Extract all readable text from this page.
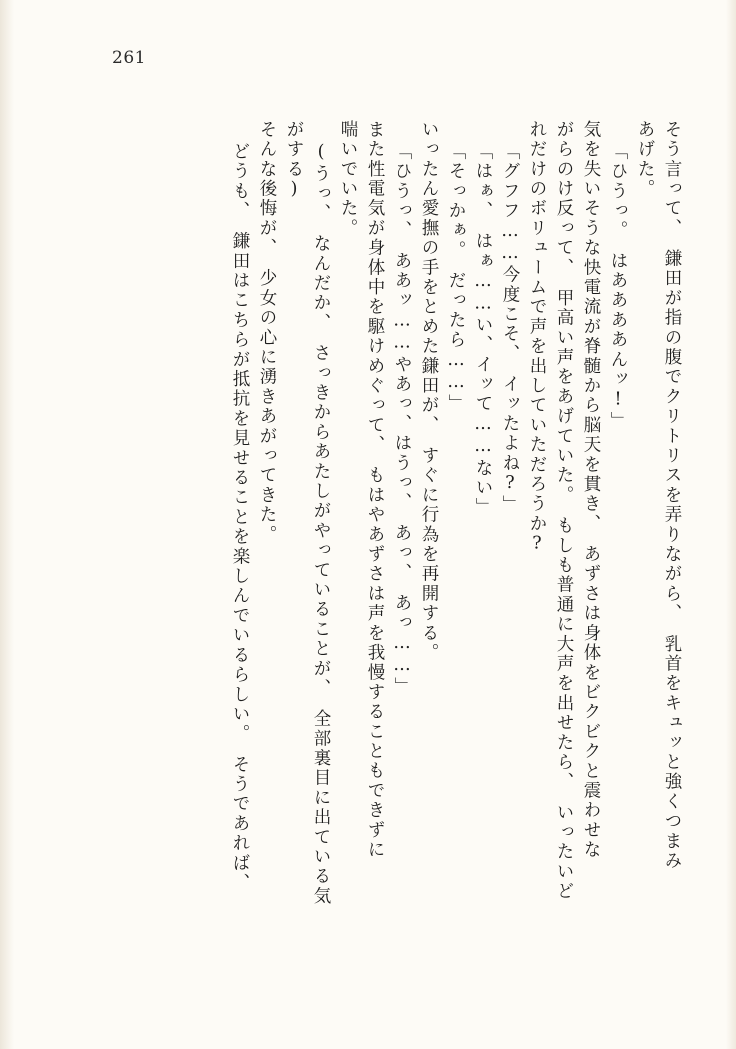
261
どうも、　鎌田はこちらが抵抗を見せることを楽しんでいるらしい。　そうであれば、 そんな後悔が、　少女の心に湧きあがってきた。 がする) (うっ、　なんだか、　さっきからあたしがやっていることが、　全部裏目に出ている気 喘いでいた。 また性電気が身体中を駆けめぐって、　もはやあずさは声を我慢することもできずに 「ひうっ、　ああッ……やあっ、はうっ、　あっ、　あっ……」 いったん愛撫の手をとめた鎌田が、　すぐに行為を再開する。 「そっかぁ。　だったら……」 「はぁ、　はぁ……い、イッて……ない」 「グフフ……今度こそ、　イッたよね?」 れだけのボリュームで声を出していただろうか? がらのけ反って、　甲高い声をあげていた。　もしも普通に大声を出せたら、　いったいど 気を失いそうな快電流が脊髄から脳天を貫き、　あずさは身体をビクビクと震わせな 「ひうっ。　はああああんッ!」 あげた。 そう言って、　鎌田が指の腹でクリトリスを弄りながら、　乳首をキュッと強くつまみ
